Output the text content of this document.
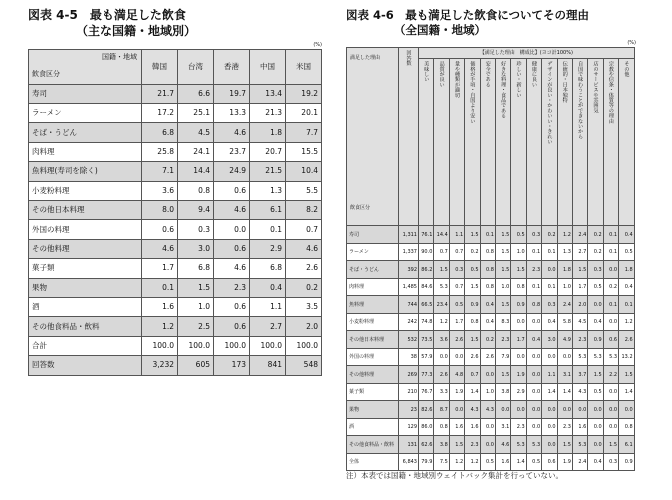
図表 4-5　最も満足した飲食
（主な国籍・地域別）
(%)
国籍・地域
飲食区分	韓国	台湾	香港	中国	米国
寿司	21.7	6.6	19.7	13.4	19.2
ラーメン	17.2	25.1	13.3	21.3	20.1
そば・うどん	6.8	4.5	4.6	1.8	7.7
肉料理	25.8	24.1	23.7	20.7	15.5
魚料理(寿司を除く)	7.1	14.4	24.9	21.5	10.4
小麦粉料理	3.6	0.8	0.6	1.3	5.5
その他日本料理	8.0	9.4	4.6	6.1	8.2
外国の料理	0.6	0.3	0.0	0.1	0.7
その他料理	4.6	3.0	0.6	2.9	4.6
菓子類	1.7	6.8	4.6	6.8	2.6
果物	0.1	1.5	2.3	0.4	0.2
酒	1.6	1.0	0.6	1.1	3.5
その他食料品・飲料	1.2	2.5	0.6	2.7	2.0
合計	100.0	100.0	100.0	100.0	100.0
回答数	3,232	605	173	841	548
図表 4-6　最も満足した飲食についてその理由
（全国籍・地域）
(%)
満足した理由
飲食区分	回答数	【満足した理由　構成比】(ヨコ計100%)													

		美味しい	品質が良い	量や種類が適切	価格が手頃・自国より安い	安全である	好きな料理・食品である	珍しい・新しい	健康に良い	デザインが良い・かわいい・きれい	伝統的・日本独特	自国で味わうことができないから	店のサービスや雰囲気	宗教や信条・体質等の理由	その他

寿司	1,311	76.1	14.4	1.1	1.5	0.1	1.5	0.5	0.3	0.2	1.2	2.4	0.2	0.1	0.4
ラーメン	1,337	90.0	0.7	0.7	0.2	0.8	1.5	1.0	0.1	0.1	1.3	2.7	0.2	0.1	0.5
そば・うどん	392	86.2	1.5	0.3	0.5	0.8	1.5	1.5	2.3	0.0	1.8	1.5	0.3	0.0	1.8
肉料理	1,485	84.6	5.3	0.7	1.5	0.8	1.0	0.8	0.1	0.1	1.0	1.7	0.5	0.2	0.4
魚料理	744	66.5	23.4	0.5	0.9	0.4	1.5	0.9	0.8	0.3	2.4	2.0	0.0	0.1	0.1
小麦粉料理	242	74.8	1.2	1.7	0.8	0.4	8.3	0.0	0.0	0.4	5.8	4.5	0.4	0.0	1.2
その他日本料理	532	73.5	3.6	2.6	1.5	0.2	2.3	1.7	0.4	3.0	4.9	2.3	0.9	0.6	2.6
外国の料理	38	57.9	0.0	0.0	2.6	2.6	7.9	0.0	0.0	0.0	0.0	5.3	5.3	5.3	13.2
その他料理	269	77.3	2.6	4.8	0.7	0.0	1.5	1.9	0.0	1.1	3.1	3.7	1.5	2.2	1.5
菓子類	210	76.7	3.3	1.9	1.4	1.0	3.8	2.9	0.0	1.4	1.4	4.3	0.5	0.0	1.4
果物	23	82.6	8.7	0.0	4.3	4.3	0.0	0.0	0.0	0.0	0.0	0.0	0.0	0.0	0.0
酒	129	86.0	0.8	1.6	1.6	0.0	3.1	2.3	0.0	0.0	2.3	1.6	0.0	0.0	0.8
その他食料品・飲料	131	62.6	3.8	1.5	2.3	0.0	4.6	5.3	5.3	0.0	1.5	5.3	0.0	1.5	6.1
全体	6,843	79.9	7.5	1.2	1.2	0.5	1.6	1.4	0.5	0.6	1.9	2.4	0.4	0.3	0.9
注）本表では国籍・地域別ウェイトバック集計を行っていない。
